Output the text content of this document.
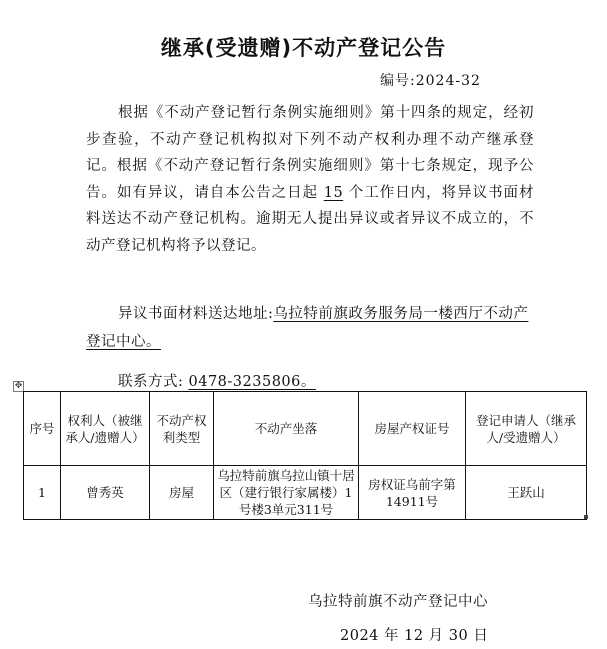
继承(受遗赠)不动产登记公告
编号:2024-32
根据《不动产登记暂行条例实施细则》第十四条的规定，经初步查验，不动产登记机构拟对下列不动产权利办理不动产继承登记。根据《不动产登记暂行条例实施细则》第十七条规定，现予公告。如有异议，请自本公告之日起 15 个工作日内，将异议书面材料送达不动产登记机构。逾期无人提出异议或者异议不成立的，不动产登记机构将予以登记。
异议书面材料送达地址:乌拉特前旗政务服务局一楼西厅不动产登记中心。
联系方式: 0478-3235806。
✥
序号	权利人（被继承人/遗赠人）	不动产权利类型	不动产坐落	房屋产权证号	登记申请人（继承人/受遗赠人）
1	曾秀英	房屋	乌拉特前旗乌拉山镇十居区（建行银行家属楼）1号楼3单元311号	房权证乌前字第14911号	王跃山
乌拉特前旗不动产登记中心
2024 年 12 月 30 日
